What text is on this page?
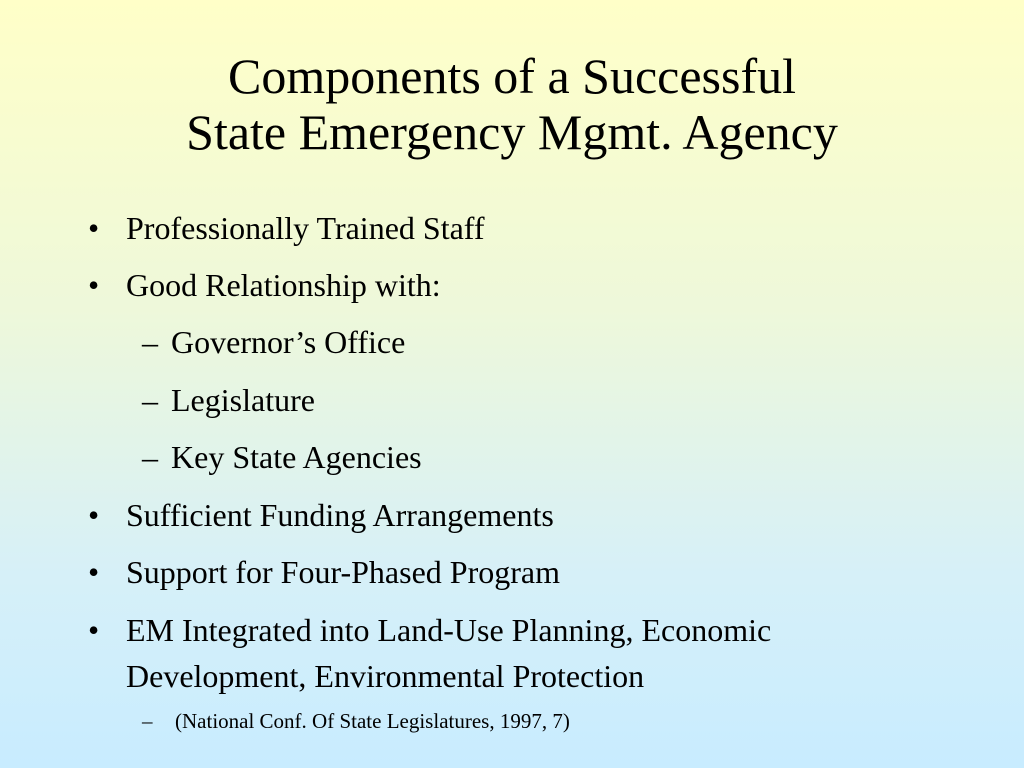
Components of a Successful
State Emergency Mgmt. Agency
• Professionally Trained Staff
• Good Relationship with:
– Governor’s Office
– Legislature
– Key State Agencies
• Sufficient Funding Arrangements
• Support for Four-Phased Program
• EM Integrated into Land-Use Planning, Economic Development, Environmental Protection
– (National Conf. Of State Legislatures, 1997, 7)
